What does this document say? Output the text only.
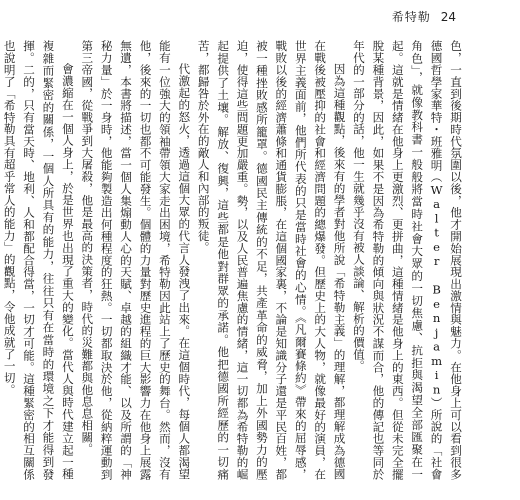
希特勒 24

色，一直到後期時代氛圍以後，他才開始展現出激情與魅力。在他身上可以看到很多德國哲學家華特・班雅明（Walter Benjamin）所說的「社會角色」，就像教科書一般般將當時社會大眾的一切焦慮、抗拒與渴望全部匯聚在一起。這就是情緒在他身上更激烈、更拼曲，這種情緒是他身上的東西。但從未完全擺脫某種背景，因此，如果不是因為希特勒的傾向與狀況不謀而合，他的傳記也等同於年代的一部分的話，他一生就幾乎沒有被人談論、解析的價值。

因為這種觀點，後來有的學者對他所說「希特勒主義」的理解，都理解成為德國在戰後被壓抑的社會和經濟問題的總爆發。但歷史上的大人物，就像最好的演員，在世界主義面前，他們所代表的只是當時社會的心情。《凡爾賽條約》帶來的屈辱感，戰敗以後的經濟蕭條和通貨膨脹，在這個國家裏，不論是知識分子還是平民百姓，都被一種挫敗感所籠罩。德國民主傳統的不足，共產革命的威脅，加上外國勢力的壓迫，使得這些問題更加嚴重。勢，以及人民普遍焦慮的情緒，這一切都為希特勒的崛起提供了土壤。解放、復興，這些都是他對群眾的承諾。他把德國所經歷的一切痛苦，都歸咎於外在的敵人和內部的叛徒。

代激起的怒火，透過這個大眾的代言人發洩了出來。在這個時代，每個人都渴望能有一位強大的領袖帶領大家走出困境，希特勒因此站上了歷史的舞台。然而，沒有他，後來的一切也都不可能發生。個體的力量對歷史進程的巨大影響力在他身上展露無遺，本書將描述，當一個人集煽動人心的天賦、卓越的組織才能、以及所謂的「神秘力量」於一身時，他能夠製造出何種程度的狂熱。一切都取決於他，從納粹運動到第三帝國，從戰爭到大屠殺，他是最高的決策者，時代的災難都與他息息相關。

會濃縮在一個人身上，於是世界也出現了重大的變化。當代人與時代建立起一種複雜而緊密的關係，一個人所具有的能力，往往只有在當時的環境之下才能得到發揮。二的，只有當天時、地利、人和都配合得當，一切才可能。這種緊密的相互關係也說明了「希特勒具有超乎常人的能力」的觀點，令他成就了一切。
